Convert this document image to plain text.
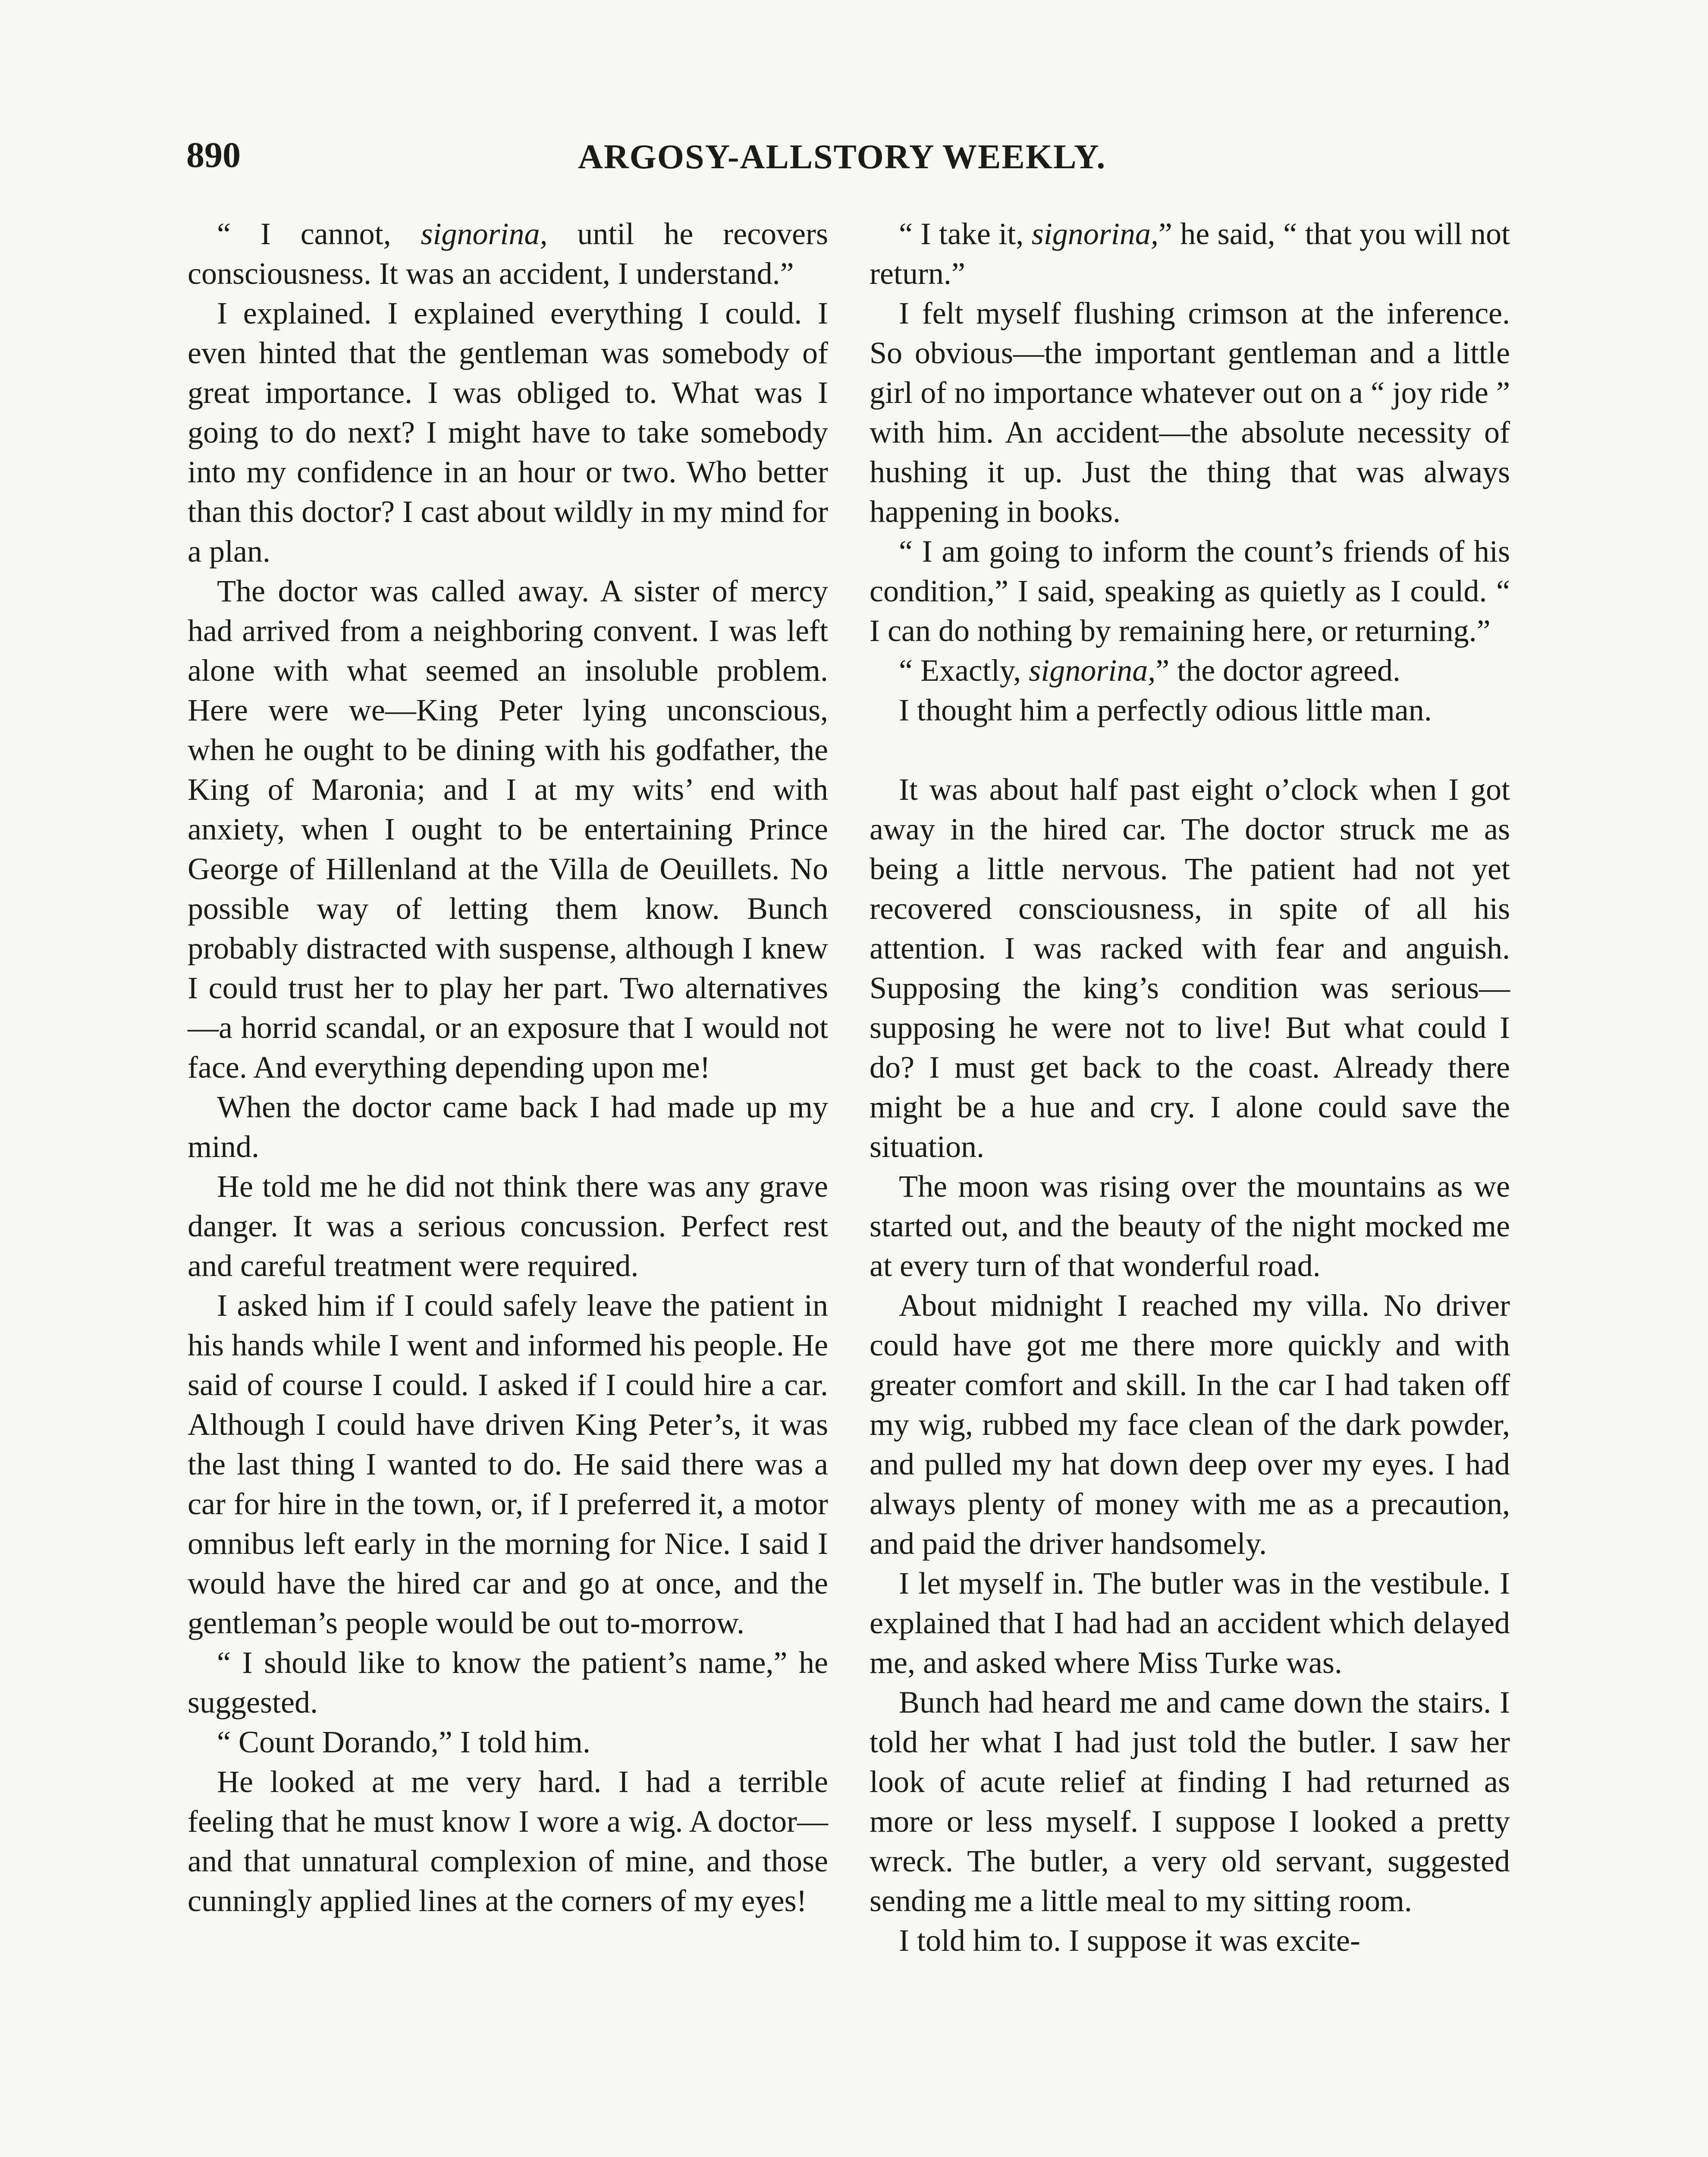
890	ARGOSY-ALLSTORY WEEKLY.

“ I cannot, signorina, until he recovers consciousness. It was an accident, I understand.”

I explained. I explained everything I could. I even hinted that the gentleman was somebody of great importance. I was obliged to. What was I going to do next? I might have to take somebody into my confidence in an hour or two. Who better than this doctor? I cast about wildly in my mind for a plan.

The doctor was called away. A sister of mercy had arrived from a neighboring convent. I was left alone with what seemed an insoluble problem. Here were we—King Peter lying unconscious, when he ought to be dining with his godfather, the King of Maronia; and I at my wits’ end with anxiety, when I ought to be entertaining Prince George of Hillenland at the Villa de Oeuillets. No possible way of letting them know. Bunch probably distracted with suspense, although I knew I could trust her to play her part. Two alternatives—a horrid scandal, or an exposure that I would not face. And everything depending upon me!

When the doctor came back I had made up my mind.

He told me he did not think there was any grave danger. It was a serious concussion. Perfect rest and careful treatment were required.

I asked him if I could safely leave the patient in his hands while I went and informed his people. He said of course I could. I asked if I could hire a car. Although I could have driven King Peter’s, it was the last thing I wanted to do. He said there was a car for hire in the town, or, if I preferred it, a motor omnibus left early in the morning for Nice. I said I would have the hired car and go at once, and the gentleman’s people would be out to-morrow.

“ I should like to know the patient’s name,” he suggested.

“ Count Dorando,” I told him.

He looked at me very hard. I had a terrible feeling that he must know I wore a wig. A doctor—and that unnatural complexion of mine, and those cunningly applied lines at the corners of my eyes!

“ I take it, signorina,” he said, “ that you will not return.”

I felt myself flushing crimson at the inference. So obvious—the important gentleman and a little girl of no importance whatever out on a “ joy ride ” with him. An accident—the absolute necessity of hushing it up. Just the thing that was always happening in books.

“ I am going to inform the count’s friends of his condition,” I said, speaking as quietly as I could. “ I can do nothing by remaining here, or returning.”

“ Exactly, signorina,” the doctor agreed.

I thought him a perfectly odious little man.

It was about half past eight o’clock when I got away in the hired car. The doctor struck me as being a little nervous. The patient had not yet recovered consciousness, in spite of all his attention. I was racked with fear and anguish. Supposing the king’s condition was serious—supposing he were not to live! But what could I do? I must get back to the coast. Already there might be a hue and cry. I alone could save the situation.

The moon was rising over the mountains as we started out, and the beauty of the night mocked me at every turn of that wonderful road.

About midnight I reached my villa. No driver could have got me there more quickly and with greater comfort and skill. In the car I had taken off my wig, rubbed my face clean of the dark powder, and pulled my hat down deep over my eyes. I had always plenty of money with me as a precaution, and paid the driver handsomely.

I let myself in. The butler was in the vestibule. I explained that I had had an accident which delayed me, and asked where Miss Turke was.

Bunch had heard me and came down the stairs. I told her what I had just told the butler. I saw her look of acute relief at finding I had returned as more or less myself. I suppose I looked a pretty wreck. The butler, a very old servant, suggested sending me a little meal to my sitting room.

I told him to. I suppose it was excite-
